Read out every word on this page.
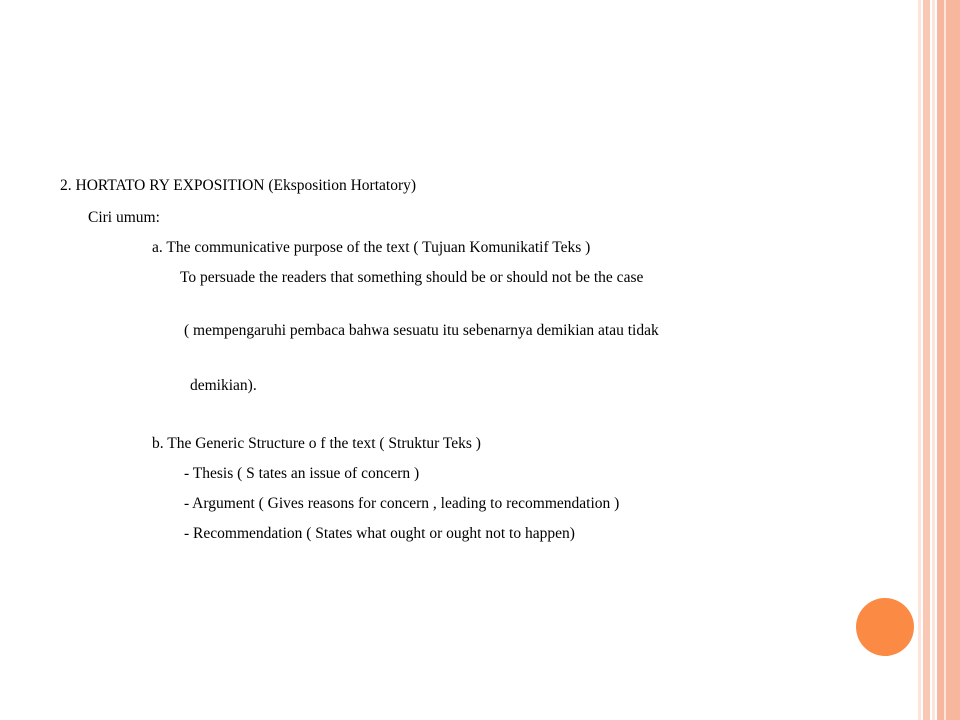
2. HORTATO RY EXPOSITION (Eksposition Hortatory)
Ciri umum:
a. The communicative purpose of the text ( Tujuan Komunikatif Teks )
To persuade the readers that something should be or should not be the case
( mempengaruhi pembaca bahwa sesuatu itu sebenarnya demikian atau tidak
demikian).
b. The Generic Structure o f the text ( Struktur Teks )
- Thesis ( S tates an issue of concern )
- Argument ( Gives reasons for concern , leading to recommendation )
- Recommendation ( States what ought or ought not to happen)
